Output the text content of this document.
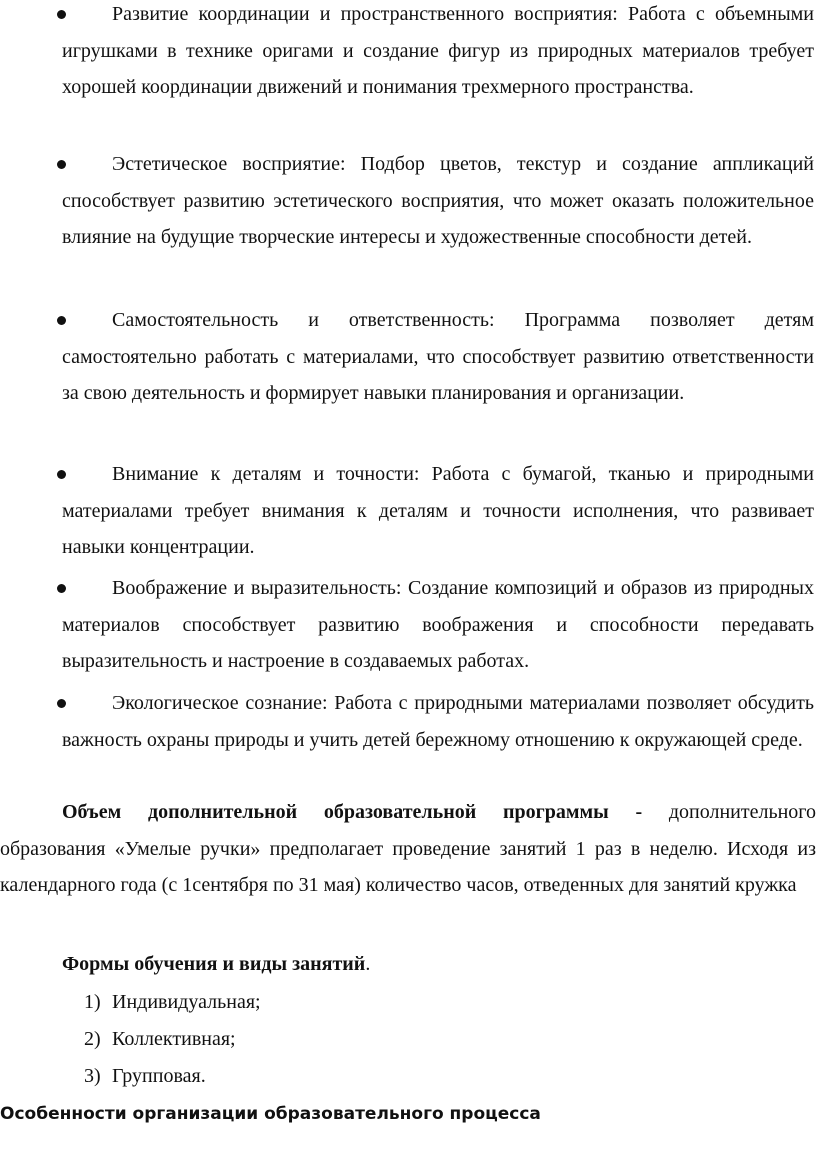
Развитие координации и пространственного восприятия: Работа с объемными игрушками в технике оригами и создание фигур из природных материалов требует хорошей координации движений и понимания трехмерного пространства.
Эстетическое восприятие: Подбор цветов, текстур и создание аппликаций способствует развитию эстетического восприятия, что может оказать положительное влияние на будущие творческие интересы и художественные способности детей.
Самостоятельность и ответственность: Программа позволяет детям самостоятельно работать с материалами, что способствует развитию ответственности за свою деятельность и формирует навыки планирования и организации.
Внимание к деталям и точности: Работа с бумагой, тканью и природными материалами требует внимания к деталям и точности исполнения, что развивает навыки концентрации.
Воображение и выразительность: Создание композиций и образов из природных материалов способствует развитию воображения и способности передавать выразительность и настроение в создаваемых работах.
Экологическое сознание: Работа с природными материалами позволяет обсудить важность охраны природы и учить детей бережному отношению к окружающей среде.

Объем дополнительной образовательной программы - дополнительного образования «Умелые ручки» предполагает проведение занятий 1 раз в неделю. Исходя из календарного года (с 1сентября по 31 мая) количество часов, отведенных для занятий кружка

Формы обучения и виды занятий.
1) Индивидуальная;
2) Коллективная;
3) Групповая.
Особенности организации образовательного процесса
